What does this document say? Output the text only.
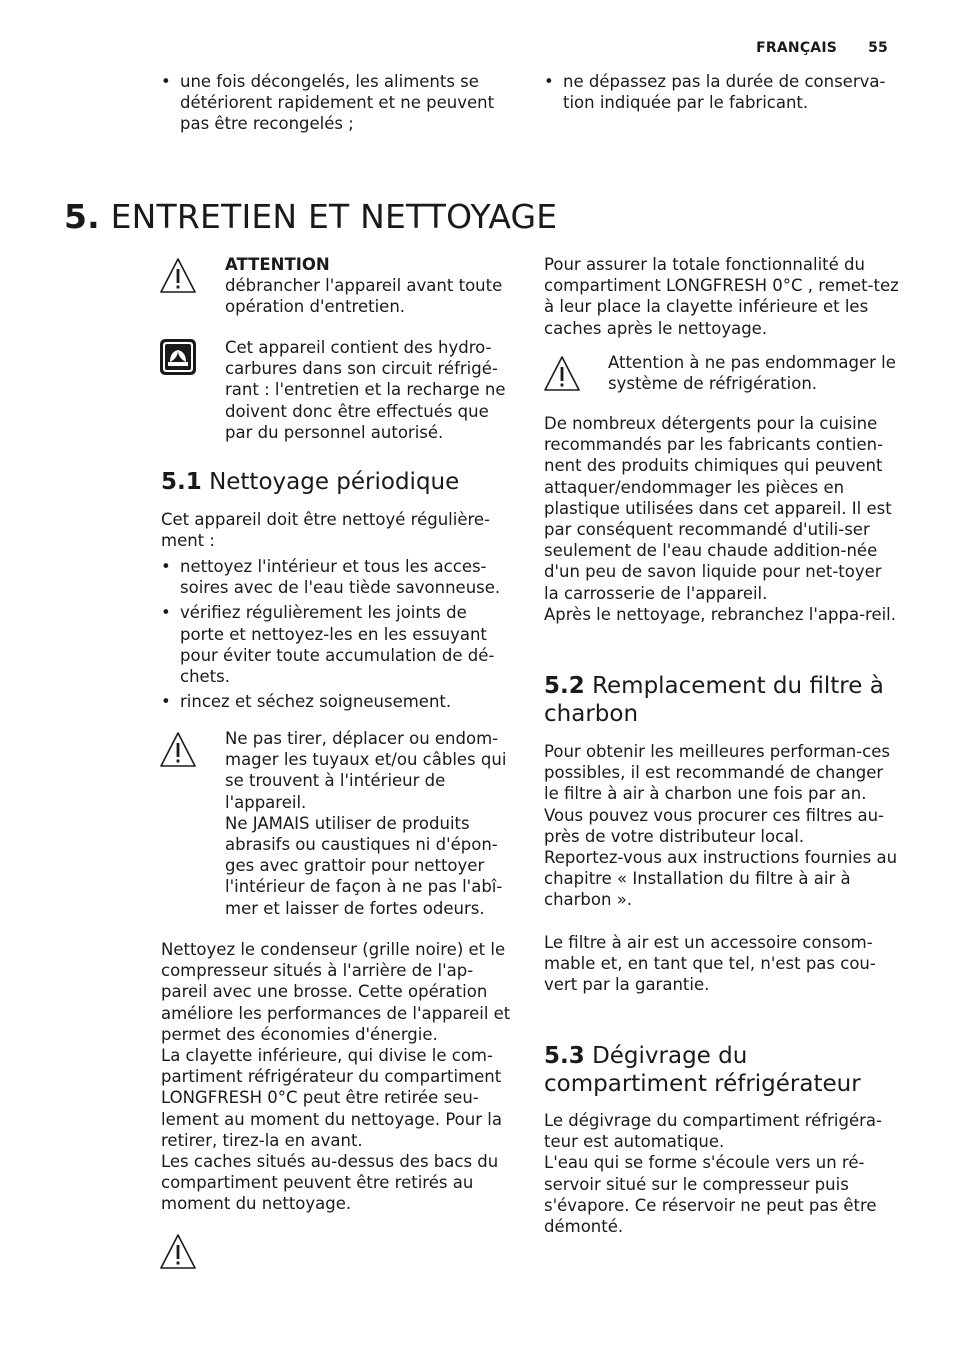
FRANÇAIS 55
• une fois décongelés, les aliments se détériorent rapidement et ne peuvent pas être recongelés ;
• ne dépassez pas la durée de conserva-tion indiquée par le fabricant.
5. ENTRETIEN ET NETTOYAGE

ATTENTION

débrancher l'appareil avant toute opération d'entretien.

Cet appareil contient des hydro-carbures dans son circuit réfrigé-rant : l'entretien et la recharge ne doivent donc être effectués que par du personnel autorisé.

5.1 Nettoyage périodique

Cet appareil doit être nettoyé régulière-ment :

• nettoyez l'intérieur et tous les acces-soires avec de l'eau tiède savonneuse.
• vérifiez régulièrement les joints de porte et nettoyez-les en les essuyant pour éviter toute accumulation de dé-chets.
• rincez et séchez soigneusement.

Ne pas tirer, déplacer ou endom-mager les tuyaux et/ou câbles qui se trouvent à l'intérieur de l'appareil.

Ne JAMAIS utiliser de produits abrasifs ou caustiques ni d'épon-ges avec grattoir pour nettoyer l'intérieur de façon à ne pas l'abî-mer et laisser de fortes odeurs.

Nettoyez le condenseur (grille noire) et le compresseur situés à l'arrière de l'ap-pareil avec une brosse. Cette opération améliore les performances de l'appareil et permet des économies d'énergie.

La clayette inférieure, qui divise le com-partiment réfrigérateur du compartiment LONGFRESH 0°C peut être retirée seu-lement au moment du nettoyage. Pour la retirer, tirez-la en avant.

Les caches situés au-dessus des bacs du compartiment peuvent être retirés au moment du nettoyage.

Pour assurer la totale fonctionnalité du compartiment LONGFRESH 0°C , remet-tez à leur place la clayette inférieure et les caches après le nettoyage.

Attention à ne pas endommager le système de réfrigération.

De nombreux détergents pour la cuisine recommandés par les fabricants contien-nent des produits chimiques qui peuvent attaquer/endommager les pièces en plastique utilisées dans cet appareil. Il est par conséquent recommandé d'utili-ser seulement de l'eau chaude addition-née d'un peu de savon liquide pour net-toyer la carrosserie de l'appareil.

Après le nettoyage, rebranchez l'appa-reil.

5.2 Remplacement du filtre à charbon

Pour obtenir les meilleures performan-ces possibles, il est recommandé de changer le filtre à air à charbon une fois par an.

Vous pouvez vous procurer ces filtres au-près de votre distributeur local.

Reportez-vous aux instructions fournies au chapitre « Installation du filtre à air à charbon ».

Le filtre à air est un accessoire consom-mable et, en tant que tel, n'est pas cou-vert par la garantie.

5.3 Dégivrage du compartiment réfrigérateur

Le dégivrage du compartiment réfrigéra-teur est automatique.

L'eau qui se forme s'écoule vers un ré-servoir situé sur le compresseur puis s'évapore. Ce réservoir ne peut pas être démonté.
